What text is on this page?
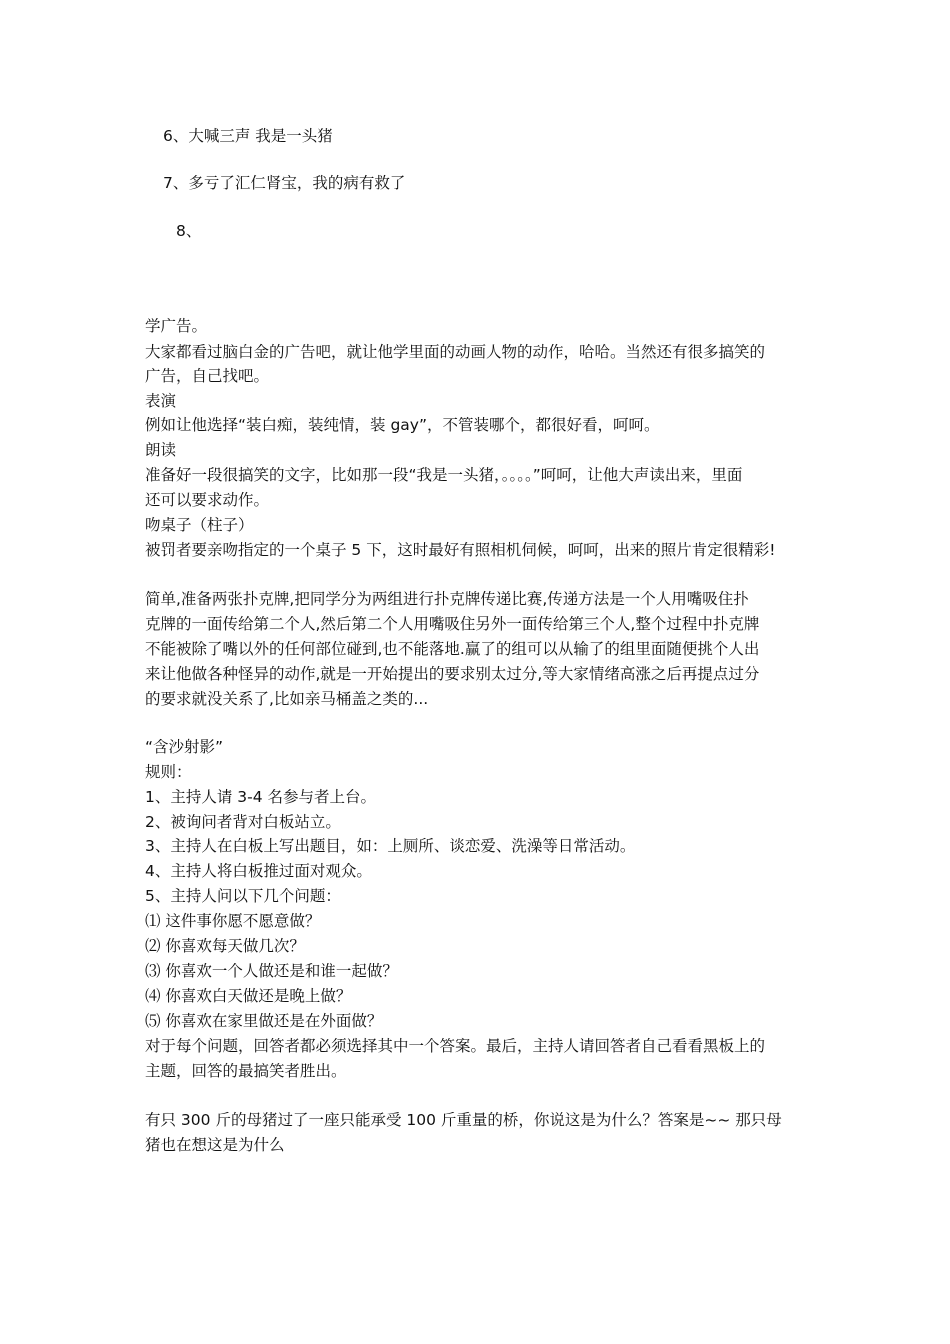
6、大喊三声 我是一头猪
7、多亏了汇仁肾宝，我的病有救了
8、
学广告。
大家都看过脑白金的广告吧，就让他学里面的动画人物的动作，哈哈。当然还有很多搞笑的
广告，自己找吧。
表演
例如让他选择“装白痴，装纯情，装 gay”，不管装哪个，都很好看，呵呵。
朗读
准备好一段很搞笑的文字，比如那一段“我是一头猪，。。。。”呵呵，让他大声读出来，里面
还可以要求动作。
吻桌子（柱子）
被罚者要亲吻指定的一个桌子 5 下，这时最好有照相机伺候，呵呵，出来的照片肯定很精彩!
简单,准备两张扑克牌,把同学分为两组进行扑克牌传递比赛,传递方法是一个人用嘴吸住扑
克牌的一面传给第二个人,然后第二个人用嘴吸住另外一面传给第三个人,整个过程中扑克牌
不能被除了嘴以外的任何部位碰到,也不能落地.赢了的组可以从输了的组里面随便挑个人出
来让他做各种怪异的动作,就是一开始提出的要求别太过分,等大家情绪高涨之后再提点过分
的要求就没关系了,比如亲马桶盖之类的...
“含沙射影”
规则：
1、主持人请 3-4 名参与者上台。
2、被询问者背对白板站立。
3、主持人在白板上写出题目，如：上厕所、谈恋爱、洗澡等日常活动。
4、主持人将白板推过面对观众。
5、主持人问以下几个问题：
⑴ 这件事你愿不愿意做？
⑵ 你喜欢每天做几次？
⑶ 你喜欢一个人做还是和谁一起做？
⑷ 你喜欢白天做还是晚上做？
⑸ 你喜欢在家里做还是在外面做？
对于每个问题，回答者都必须选择其中一个答案。最后，主持人请回答者自己看看黑板上的
主题，回答的最搞笑者胜出。
有只 300 斤的母猪过了一座只能承受 100 斤重量的桥，你说这是为什么？答案是~~ 那只母
猪也在想这是为什么
